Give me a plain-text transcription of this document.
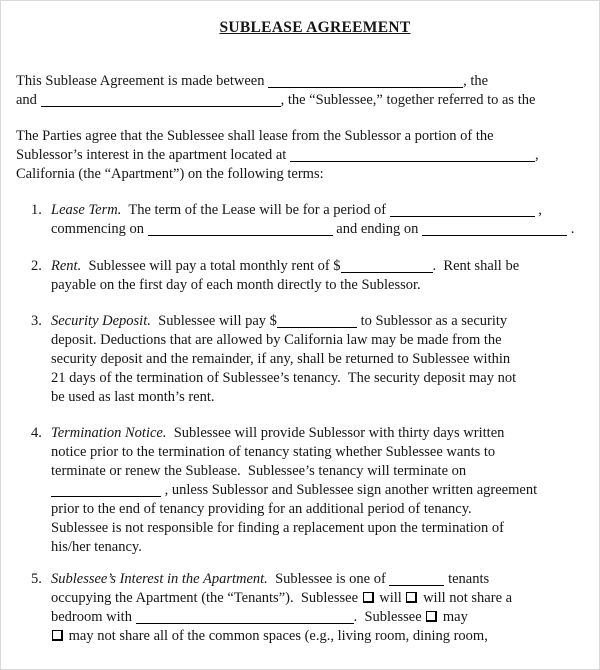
SUBLEASE AGREEMENT
This Sublease Agreement is made between	, the
and	, the “Sublessee,” together referred to as the
The Parties agree that the Sublessee shall lease from the Sublessor a portion of the
Sublessor’s interest in the apartment located at	,
California (the “Apartment”) on the following terms:
1. Lease Term.  The term of the Lease will be for a period of	,
commencing on	and ending on	.
2. Rent.  Sublessee will pay a total monthly rent of $	.  Rent shall be
payable on the first day of each month directly to the Sublessor.
3. Security Deposit.  Sublessee will pay $	to Sublessor as a security
deposit. Deductions that are allowed by California law may be made from the
security deposit and the remainder, if any, shall be returned to Sublessee within
21 days of the termination of Sublessee’s tenancy.  The security deposit may not
be used as last month’s rent.
4. Termination Notice.  Sublessee will provide Sublessor with thirty days written
notice prior to the termination of tenancy stating whether Sublessee wants to
terminate or renew the Sublease.  Sublessee’s tenancy will terminate on
, unless Sublessor and Sublessee sign another written agreement
prior to the end of tenancy providing for an additional period of tenancy.
Sublessee is not responsible for finding a replacement upon the termination of
his/her tenancy.
5. Sublessee’s Interest in the Apartment.  Sublessee is one of	tenants
occupying the Apartment (the “Tenants”).  Sublessee  will  will not share a
bedroom with	.  Sublessee  may
may not share all of the common spaces (e.g., living room, dining room,
